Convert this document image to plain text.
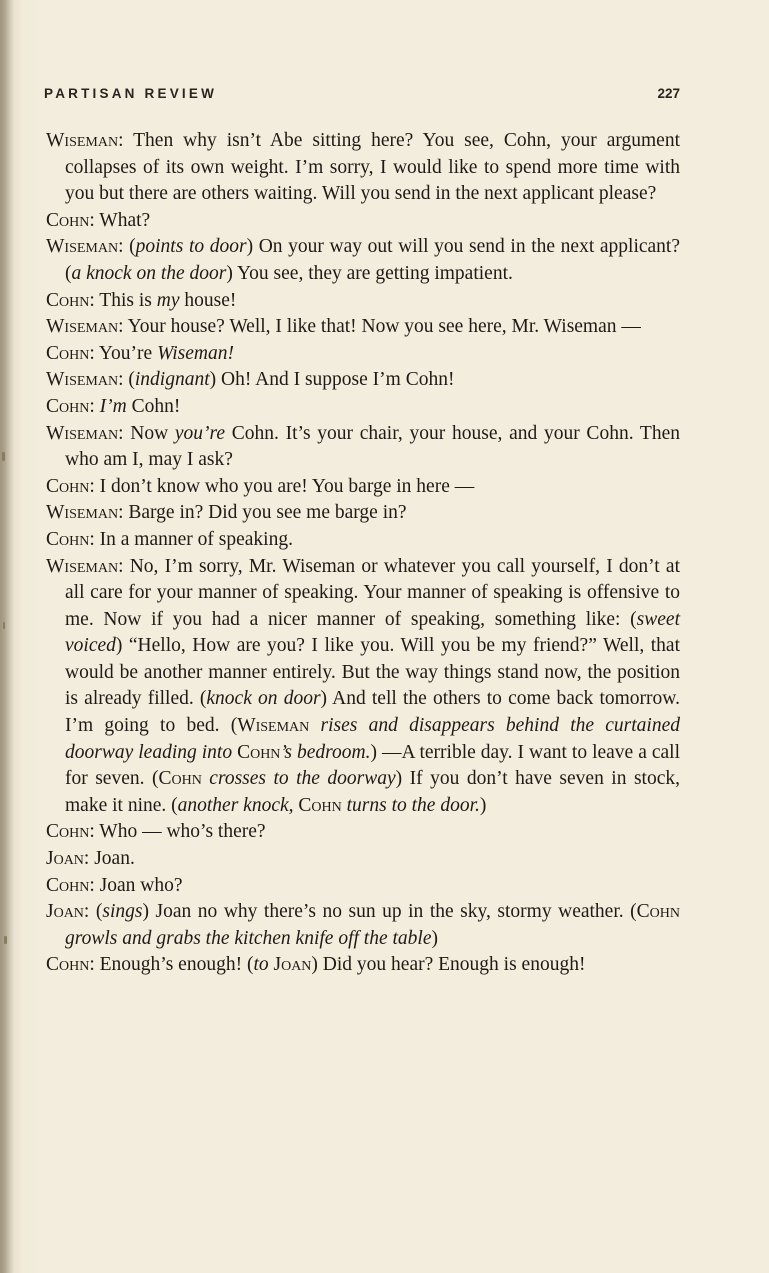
PARTISAN REVIEW	227
Wiseman: Then why isn’t Abe sitting here? You see, Cohn, your argument collapses of its own weight. I’m sorry, I would like to spend more time with you but there are others waiting. Will you send in the next applicant please?
Cohn: What?
Wiseman: (points to door) On your way out will you send in the next applicant? (a knock on the door) You see, they are getting impatient.
Cohn: This is my house!
Wiseman: Your house? Well, I like that! Now you see here, Mr. Wiseman —
Cohn: You’re Wiseman!
Wiseman: (indignant) Oh! And I suppose I’m Cohn!
Cohn: I’m Cohn!
Wiseman: Now you’re Cohn. It’s your chair, your house, and your Cohn. Then who am I, may I ask?
Cohn: I don’t know who you are! You barge in here —
Wiseman: Barge in? Did you see me barge in?
Cohn: In a manner of speaking.
Wiseman: No, I’m sorry, Mr. Wiseman or whatever you call yourself, I don’t at all care for your manner of speaking. Your manner of speaking is offensive to me. Now if you had a nicer manner of speaking, something like: (sweet voiced) “Hello, How are you? I like you. Will you be my friend?” Well, that would be another manner entirely. But the way things stand now, the position is already filled. (knock on door) And tell the others to come back tomorrow. I’m going to bed. (Wiseman rises and disappears behind the curtained doorway leading into Cohn’s bedroom.) —A terrible day. I want to leave a call for seven. (Cohn crosses to the doorway) If you don’t have seven in stock, make it nine. (another knock, Cohn turns to the door.)
Cohn: Who — who’s there?
Joan: Joan.
Cohn: Joan who?
Joan: (sings) Joan no why there’s no sun up in the sky, stormy weather. (Cohn growls and grabs the kitchen knife off the table)
Cohn: Enough’s enough! (to Joan) Did you hear? Enough is enough!
